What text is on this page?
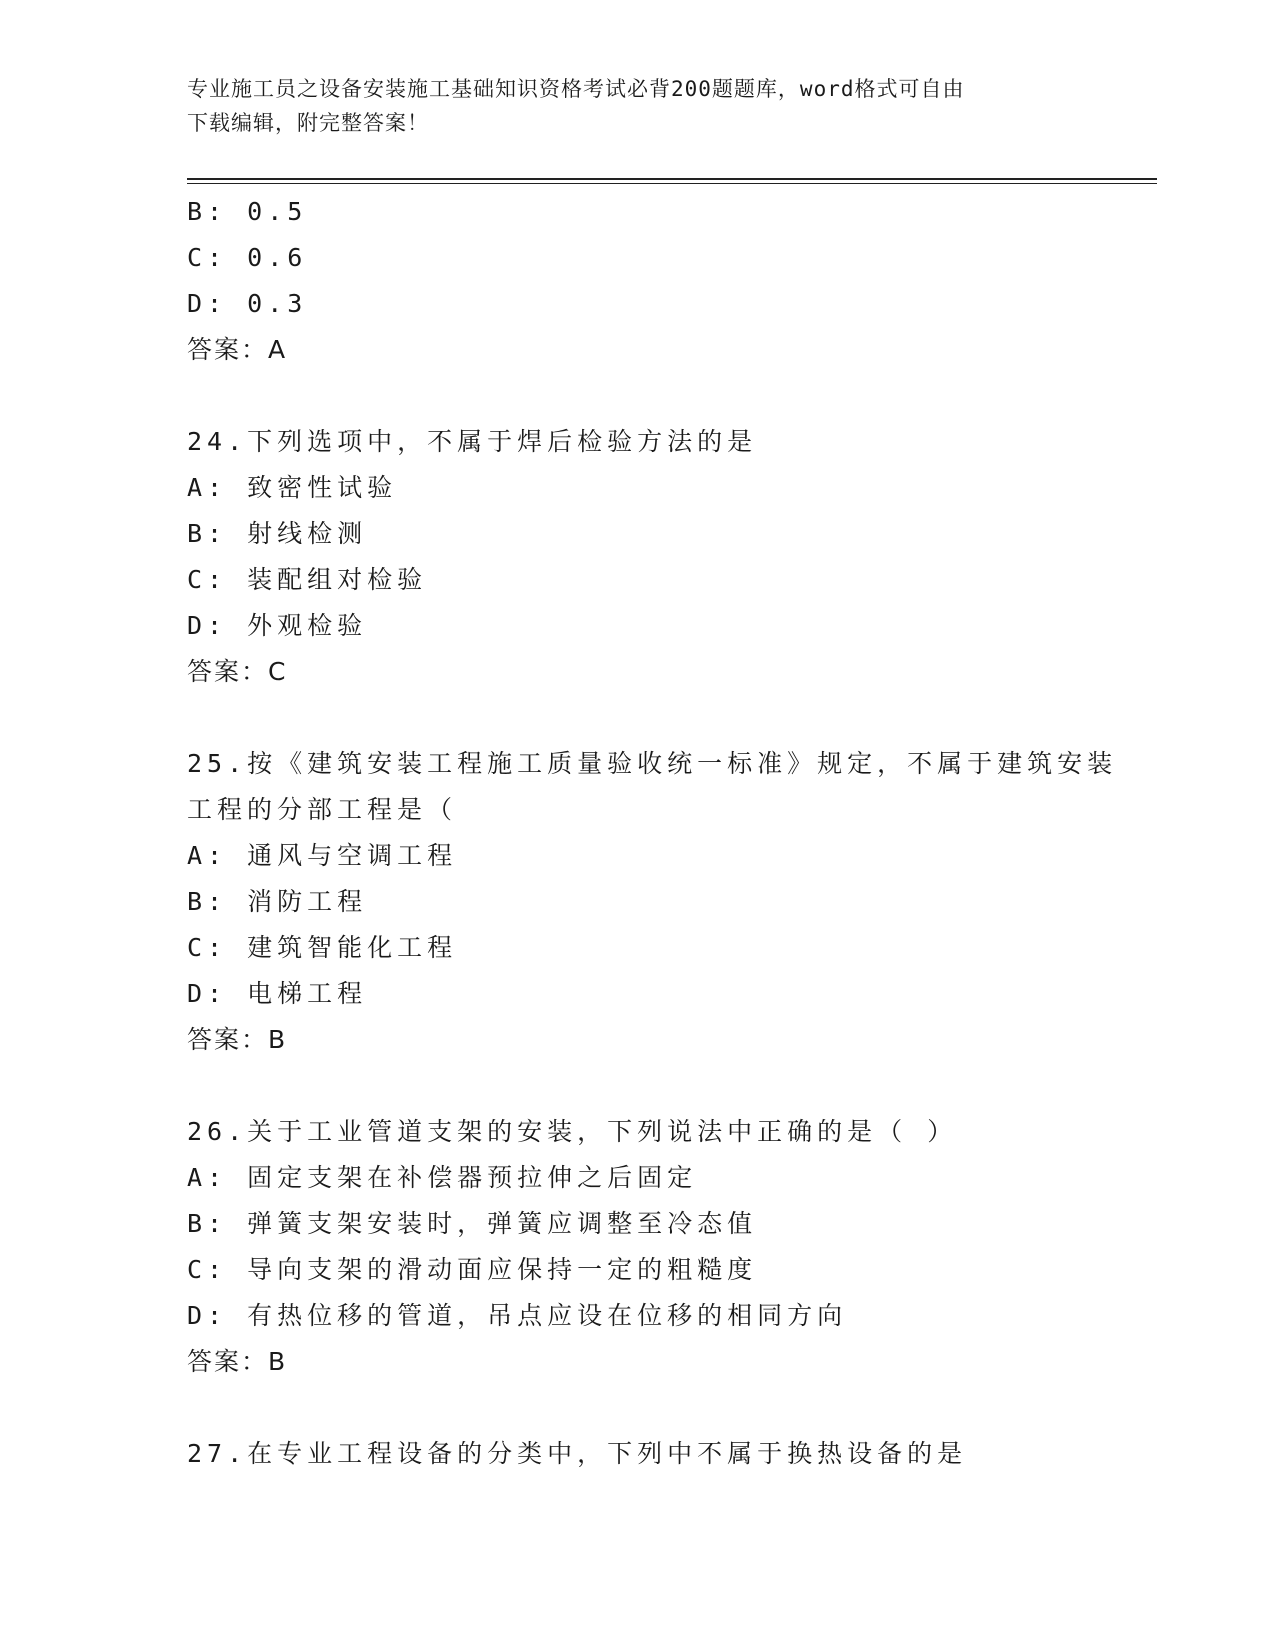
专业施工员之设备安装施工基础知识资格考试必背200题题库，word格式可自由
下载编辑，附完整答案！
B: 0.5
C: 0.6
D: 0.3
答案：A
24.下列选项中，不属于焊后检验方法的是
A: 致密性试验
B: 射线检测
C: 装配组对检验
D: 外观检验
答案：C
25.按《建筑安装工程施工质量验收统一标准》规定，不属于建筑安装
工程的分部工程是（
A: 通风与空调工程
B: 消防工程
C: 建筑智能化工程
D: 电梯工程
答案：B
26.关于工业管道支架的安装，下列说法中正确的是（ ）
A: 固定支架在补偿器预拉伸之后固定
B: 弹簧支架安装时，弹簧应调整至冷态值
C: 导向支架的滑动面应保持一定的粗糙度
D: 有热位移的管道，吊点应设在位移的相同方向
答案：B
27.在专业工程设备的分类中，下列中不属于换热设备的是
